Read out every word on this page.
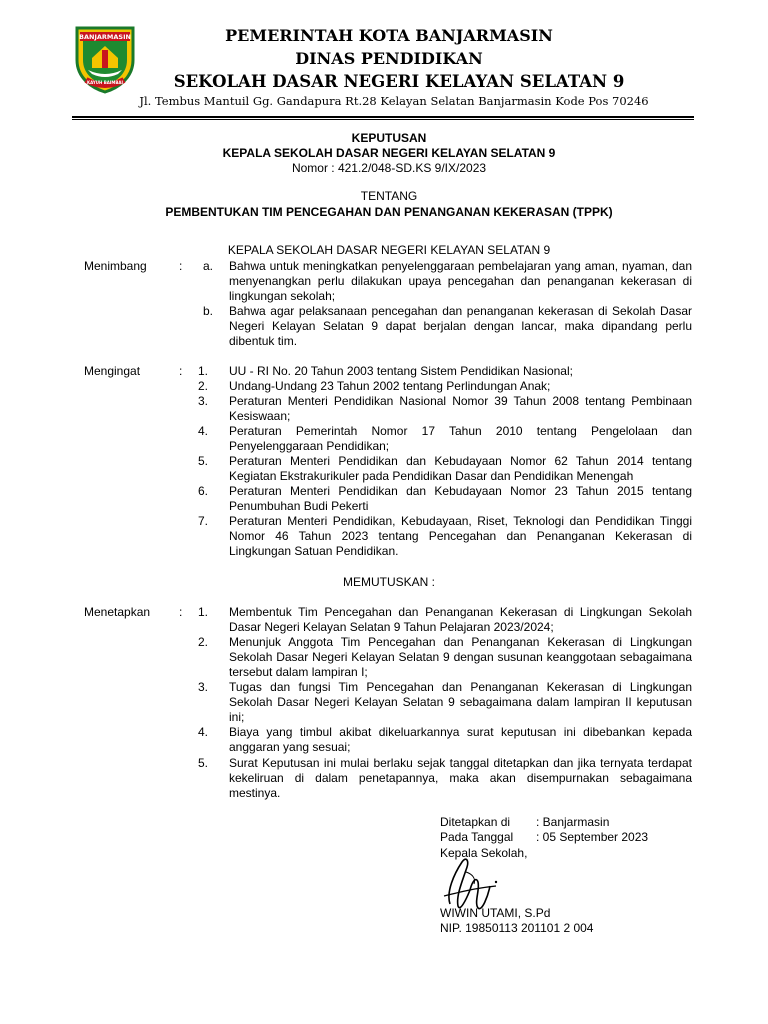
BANJARMASIN
KAYUH BAIMBAI
PEMERINTAH KOTA BANJARMASIN
DINAS PENDIDIKAN
SEKOLAH DASAR NEGERI KELAYAN SELATAN 9
Jl. Tembus Mantuil Gg. Gandapura Rt.28 Kelayan Selatan Banjarmasin Kode Pos 70246
KEPUTUSAN
KEPALA SEKOLAH DASAR NEGERI KELAYAN SELATAN 9
Nomor : 421.2/048-SD.KS 9/IX/2023
TENTANG
PEMBENTUKAN TIM PENCEGAHAN DAN PENANGANAN KEKERASAN (TPPK)
KEPALA SEKOLAH DASAR NEGERI KELAYAN SELATAN 9
Menimbang	: a.	Bahwa untuk meningkatkan penyelenggaraan pembelajaran yang aman, nyaman, dan menyenangkan perlu dilakukan upaya pencegahan dan penanganan kekerasan di lingkungan sekolah;
b.	Bahwa agar pelaksanaan pencegahan dan penanganan kekerasan di Sekolah Dasar Negeri Kelayan Selatan 9 dapat berjalan dengan lancar, maka dipandang perlu dibentuk tim.
Mengingat	: 1.	UU - RI No. 20 Tahun 2003 tentang Sistem Pendidikan Nasional;
2.	Undang-Undang 23 Tahun 2002 tentang Perlindungan Anak;
3.	Peraturan Menteri Pendidikan Nasional Nomor 39 Tahun 2008 tentang Pembinaan Kesiswaan;
4.	Peraturan Pemerintah Nomor 17 Tahun 2010 tentang Pengelolaan dan Penyelenggaraan Pendidikan;
5.	Peraturan Menteri Pendidikan dan Kebudayaan Nomor 62 Tahun 2014 tentang Kegiatan Ekstrakurikuler pada Pendidikan Dasar dan Pendidikan Menengah
6.	Peraturan Menteri Pendidikan dan Kebudayaan Nomor 23 Tahun 2015 tentang Penumbuhan Budi Pekerti
7.	Peraturan Menteri Pendidikan, Kebudayaan, Riset, Teknologi dan Pendidikan Tinggi Nomor 46 Tahun 2023 tentang Pencegahan dan Penanganan Kekerasan di Lingkungan Satuan Pendidikan.
MEMUTUSKAN :
Menetapkan : 1.	Membentuk Tim Pencegahan dan Penanganan Kekerasan di Lingkungan Sekolah Dasar Negeri Kelayan Selatan 9 Tahun Pelajaran 2023/2024;
2.	Menunjuk Anggota Tim Pencegahan dan Penanganan Kekerasan di Lingkungan Sekolah Dasar Negeri Kelayan Selatan 9 dengan susunan keanggotaan sebagaimana tersebut dalam lampiran I;
3.	Tugas dan fungsi Tim Pencegahan dan Penanganan Kekerasan di Lingkungan Sekolah Dasar Negeri Kelayan Selatan 9 sebagaimana dalam lampiran II keputusan ini;
4.	Biaya yang timbul akibat dikeluarkannya surat keputusan ini dibebankan kepada anggaran yang sesuai;
5.	Surat Keputusan ini mulai berlaku sejak tanggal ditetapkan dan jika ternyata terdapat kekeliruan di dalam penetapannya, maka akan disempurnakan sebagaimana mestinya.
Ditetapkan di : Banjarmasin
Pada Tanggal : 05 September 2023
Kepala Sekolah,
WIWIN UTAMI, S.Pd
NIP. 19850113 201101 2 004
